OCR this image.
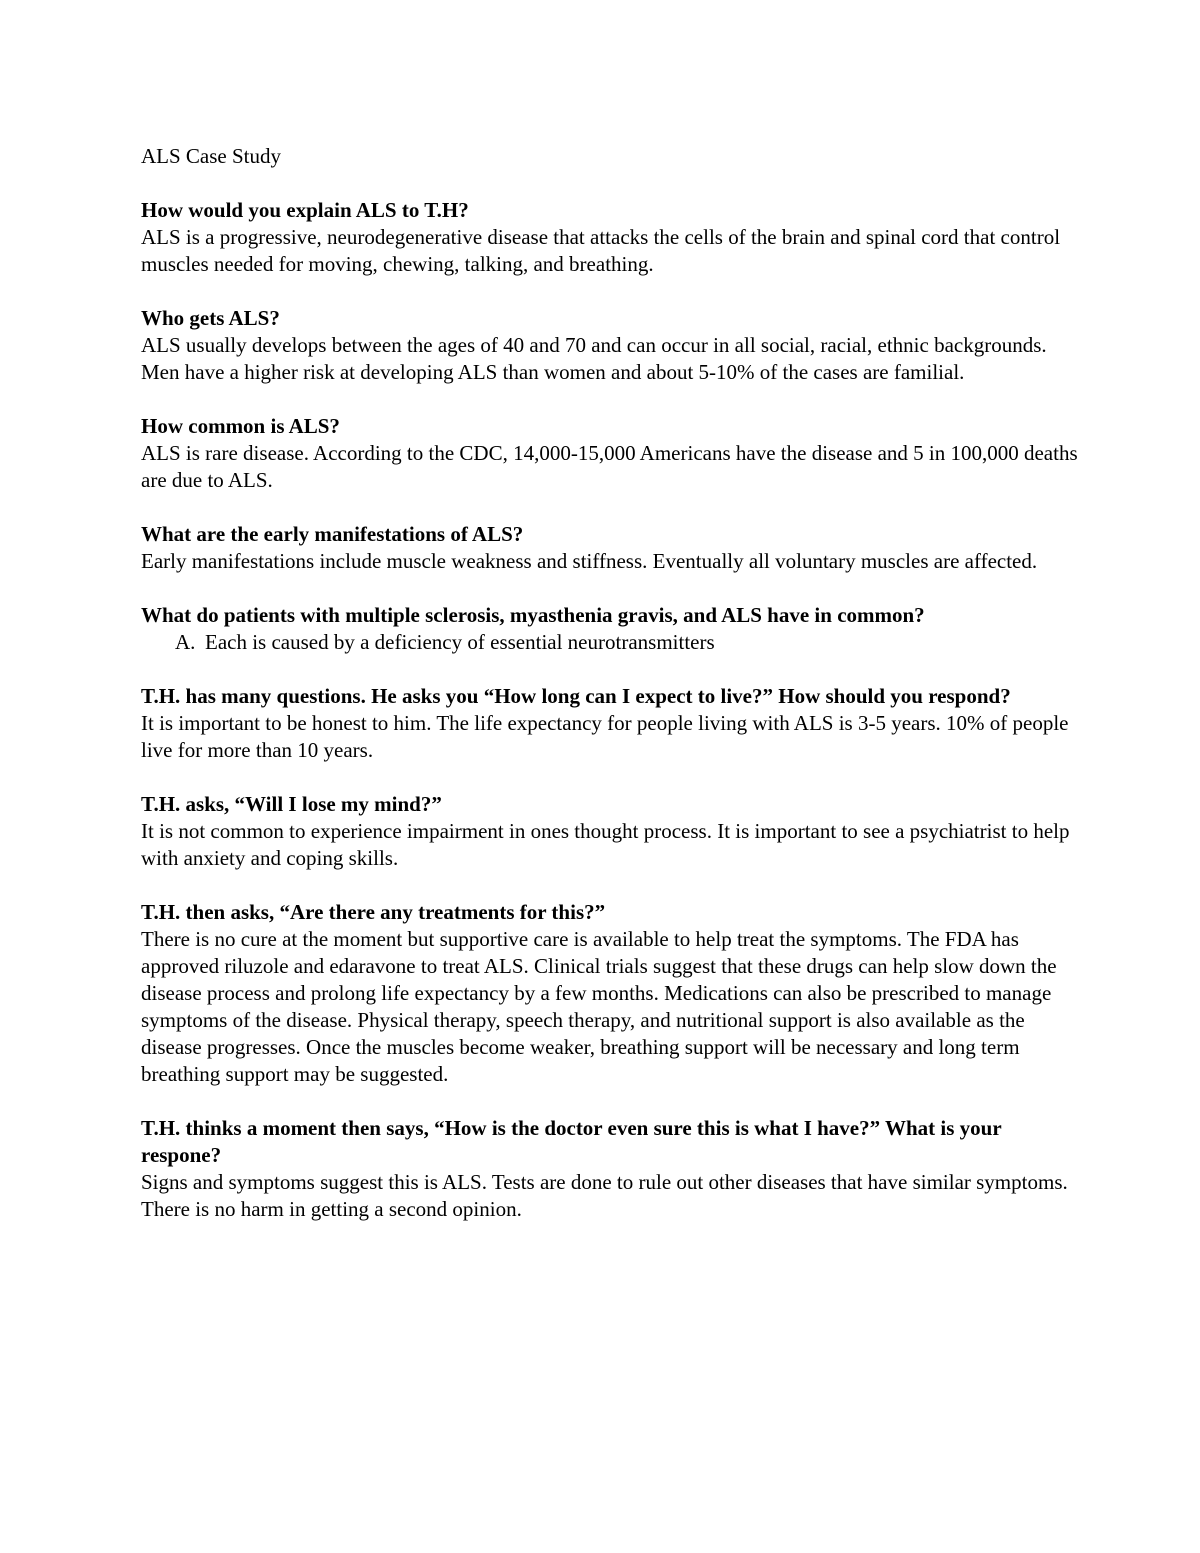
ALS Case Study

How would you explain ALS to T.H?

ALS is a progressive, neurodegenerative disease that attacks the cells of the brain and spinal cord that control muscles needed for moving, chewing, talking, and breathing.

Who gets ALS?

ALS usually develops between the ages of 40 and 70 and can occur in all social, racial, ethnic backgrounds. Men have a higher risk at developing ALS than women and about 5-10% of the cases are familial.

How common is ALS?

ALS is rare disease. According to the CDC, 14,000-15,000 Americans have the disease and 5 in 100,000 deaths are due to ALS.

What are the early manifestations of ALS?

Early manifestations include muscle weakness and stiffness. Eventually all voluntary muscles are affected.

What do patients with multiple sclerosis, myasthenia gravis, and ALS have in common?

A. Each is caused by a deficiency of essential neurotransmitters

T.H. has many questions. He asks you “How long can I expect to live?” How should you respond?

It is important to be honest to him. The life expectancy for people living with ALS is 3-5 years. 10% of people live for more than 10 years.

T.H. asks, “Will I lose my mind?”

It is not common to experience impairment in ones thought process. It is important to see a psychiatrist to help with anxiety and coping skills.

T.H. then asks, “Are there any treatments for this?”

There is no cure at the moment but supportive care is available to help treat the symptoms. The FDA has approved riluzole and edaravone to treat ALS. Clinical trials suggest that these drugs can help slow down the disease process and prolong life expectancy by a few months. Medications can also be prescribed to manage symptoms of the disease. Physical therapy, speech therapy, and nutritional support is also available as the disease progresses. Once the muscles become weaker, breathing support will be necessary and long term breathing support may be suggested.

T.H. thinks a moment then says, “How is the doctor even sure this is what I have?” What is your respone?

Signs and symptoms suggest this is ALS. Tests are done to rule out other diseases that have similar symptoms. There is no harm in getting a second opinion.
